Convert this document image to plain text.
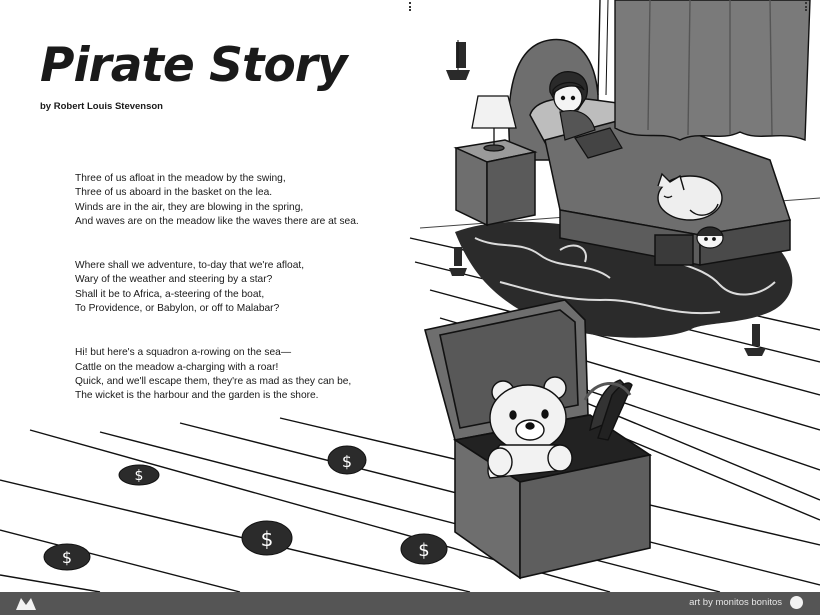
$
$
$
$	$
Pirate Story

by Robert Louis Stevenson

Three of us afloat in the meadow by the swing,
Three of us aboard in the basket on the lea.
Winds are in the air, they are blowing in the spring,
And waves are on the meadow like the waves there are at sea.

Where shall we adventure, to-day that we're afloat,
Wary of the weather and steering by a star?
Shall it be to Africa, a-steering of the boat,
To Providence, or Babylon, or off to Malabar?

Hi! but here's a squadron a-rowing on the sea—
Cattle on the meadow a-charging with a roar!
Quick, and we'll escape them, they're as mad as they can be,
The wicket is the harbour and the garden is the shore.

art by monitos bonitos
